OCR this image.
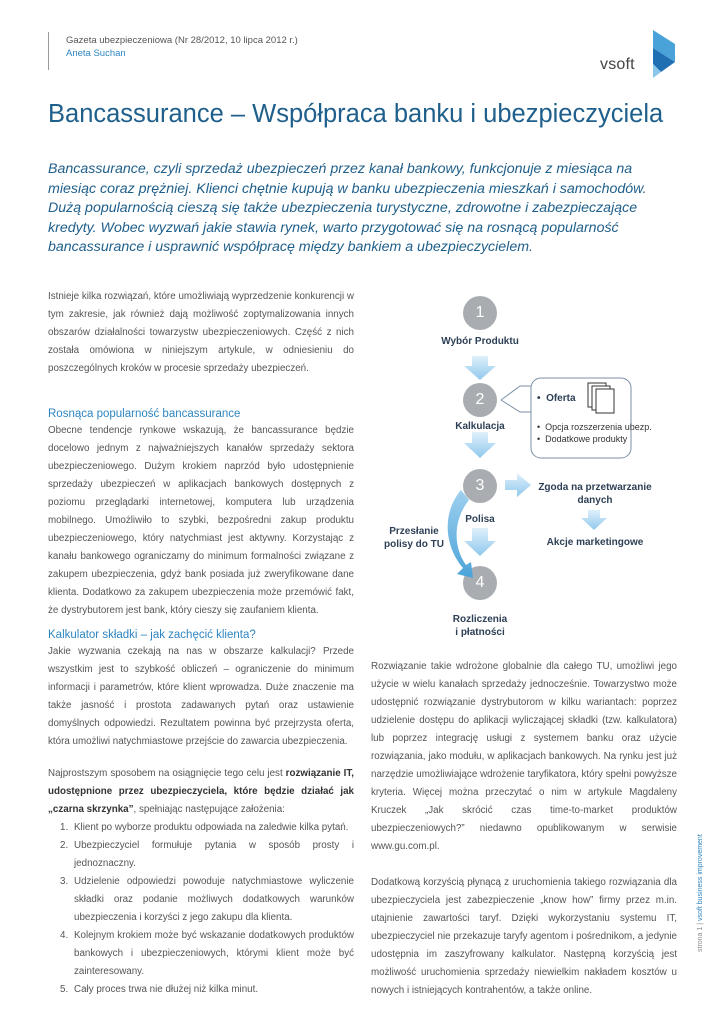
Gazeta ubezpieczeniowa (Nr 28/2012, 10 lipca 2012 r.)
Aneta Suchan
vsoft
Bancassurance – Współpraca banku i ubezpieczyciela
Bancassurance, czyli sprzedaż ubezpieczeń przez kanał bankowy, funkcjonuje z miesiąca na miesiąc coraz prężniej. Klienci chętnie kupują w banku ubezpieczenia mieszkań i samochodów. Dużą popularnością cieszą się także ubezpieczenia turystyczne, zdrowotne i zabezpieczające kredyty. Wobec wyzwań jakie stawia rynek, warto przygotować się na rosnącą popularność bancassurance i usprawnić współpracę między bankiem a ubezpieczycielem.

Istnieje kilka rozwiązań, które umożliwiają wyprzedzenie konkurencji w tym zakresie, jak również dają możliwość zoptymalizowania innych obszarów działalności towarzystw ubezpieczeniowych. Część z nich została omówiona w niniejszym artykule, w odniesieniu do poszczególnych kroków w procesie sprzedaży ubezpieczeń.

Rosnąca popularność bancassurance

Obecne tendencje rynkowe wskazują, że bancassurance będzie docelowo jednym z najważniejszych kanałów sprzedaży sektora ubezpieczeniowego. Dużym krokiem naprzód było udostępnienie sprzedaży ubezpieczeń w aplikacjach bankowych dostępnych z poziomu przeglądarki internetowej, komputera lub urządzenia mobilnego. Umożliwiło to szybki, bezpośredni zakup produktu ubezpieczeniowego, który natychmiast jest aktywny. Korzystając z kanału bankowego ograniczamy do minimum formalności związane z zakupem ubezpieczenia, gdyż bank posiada już zweryfikowane dane klienta. Dodatkowo za zakupem ubezpieczenia może przemówić fakt, że dystrybutorem jest bank, który cieszy się zaufaniem klienta.

Kalkulator składki – jak zachęcić klienta?

Jakie wyzwania czekają na nas w obszarze kalkulacji? Przede wszystkim jest to szybkość obliczeń – ograniczenie do minimum informacji i parametrów, które klient wprowadza. Duże znaczenie ma także jasność i prostota zadawanych pytań oraz ustawienie domyślnych odpowiedzi. Rezultatem powinna być przejrzysta oferta, która umożliwi natychmiastowe przejście do zawarcia ubezpieczenia.

Najprostszym sposobem na osiągnięcie tego celu jest rozwiązanie IT, udostępnione przez ubezpieczyciela, które będzie działać jak „czarna skrzynka”, spełniając następujące założenia:

1. Klient po wyborze produktu odpowiada na zaledwie kilka pytań.
2. Ubezpieczyciel formułuje pytania w sposób prosty i jednoznaczny.
3. Udzielenie odpowiedzi powoduje natychmiastowe wyliczenie składki oraz podanie możliwych dodatkowych warunków ubezpieczenia i korzyści z jego zakupu dla klienta.
4. Kolejnym krokiem może być wskazanie dodatkowych produktów bankowych i ubezpieczeniowych, którymi klient może być zainteresowany.
5. Cały proces trwa nie dłużej niż kilka minut.
1
2
3
4
Wybór Produktu
Kalkulacja
Polisa
Rozliczenia
i płatności
•  Oferta
•  Opcja rozszerzenia ubezp.
•  Dodatkowe produkty
Zgoda na przetwarzanie
danych
Akcje marketingowe
Przesłanie
polisy do TU

Rozwiązanie takie wdrożone globalnie dla całego TU, umożliwi jego użycie w wielu kanałach sprzedaży jednocześnie. Towarzystwo może udostępnić rozwiązanie dystrybutorom w kilku wariantach: poprzez udzielenie dostępu do aplikacji wyliczającej składki (tzw. kalkulatora) lub poprzez integrację usługi z systemem banku oraz użycie rozwiązania, jako modułu, w aplikacjach bankowych. Na rynku jest już narzędzie umożliwiające wdrożenie taryfikatora, który spełni powyższe kryteria. Więcej można przeczytać o nim w artykule Magdaleny Kruczek „Jak skrócić czas time-to-market produktów ubezpieczeniowych?” niedawno opublikowanym w serwisie www.gu.com.pl.

Dodatkową korzyścią płynącą z uruchomienia takiego rozwiązania dla ubezpieczyciela jest zabezpieczenie „know how” firmy przez m.in. utajnienie zawartości taryf. Dzięki wykorzystaniu systemu IT, ubezpieczyciel nie przekazuje taryfy agentom i pośrednikom, a jedynie udostępnia im zaszyfrowany kalkulator. Następną korzyścią jest możliwość uruchomienia sprzedaży niewielkim nakładem kosztów u nowych i istniejących kontrahentów, a także online.

strona 1 | vsoft business improvement
